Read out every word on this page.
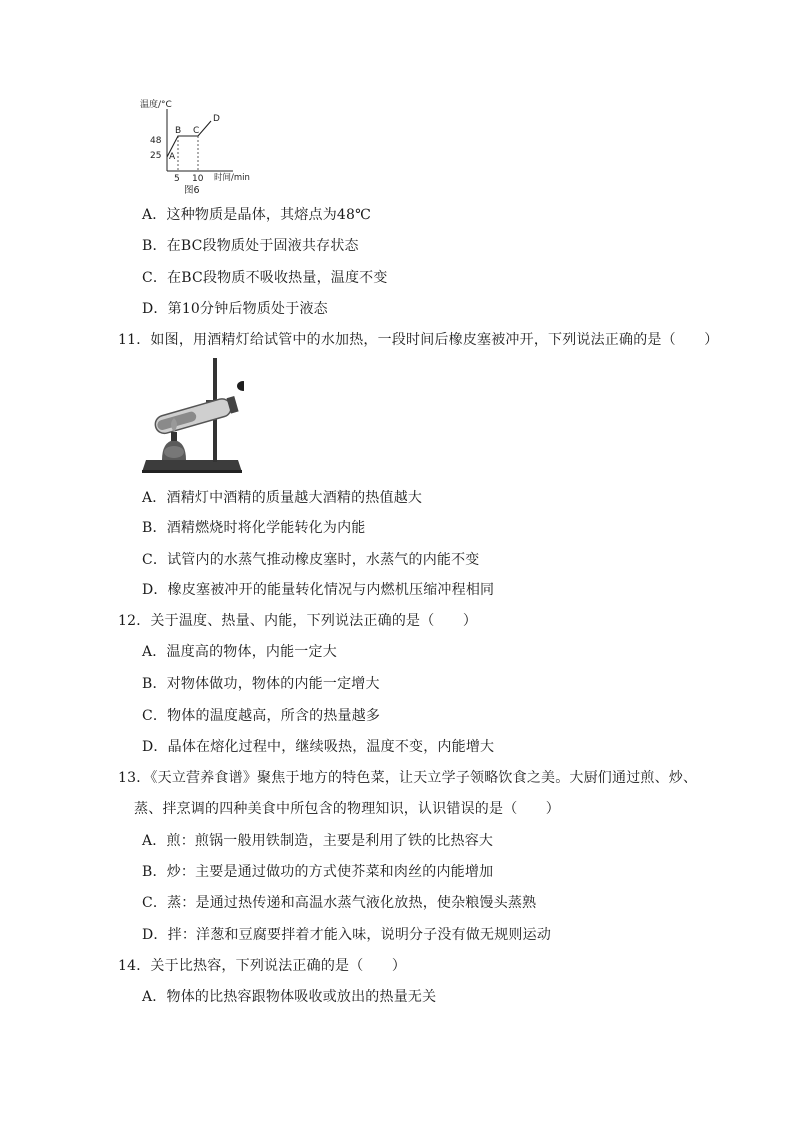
温度/°C
时间/min
48
25
5 10
A
B C
D
图6
A．这种物质是晶体，其熔点为48℃
B．在BC段物质处于固液共存状态
C．在BC段物质不吸收热量，温度不变
D．第10分钟后物质处于液态
11．如图，用酒精灯给试管中的水加热，一段时间后橡皮塞被冲开，下列说法正确的是（　　）
A．酒精灯中酒精的质量越大酒精的热值越大
B．酒精燃烧时将化学能转化为内能
C．试管内的水蒸气推动橡皮塞时，水蒸气的内能不变
D．橡皮塞被冲开的能量转化情况与内燃机压缩冲程相同
12．关于温度、热量、内能，下列说法正确的是（　　）
A．温度高的物体，内能一定大
B．对物体做功，物体的内能一定增大
C．物体的温度越高，所含的热量越多
D．晶体在熔化过程中，继续吸热，温度不变，内能增大
13．《天立营养食谱》聚焦于地方的特色菜，让天立学子领略饮食之美。大厨们通过煎、炒、
蒸、拌烹调的四种美食中所包含的物理知识，认识错误的是（　　）
A．煎：煎锅一般用铁制造，主要是利用了铁的比热容大
B．炒：主要是通过做功的方式使芥菜和肉丝的内能增加
C．蒸：是通过热传递和高温水蒸气液化放热，使杂粮馒头蒸熟
D．拌：洋葱和豆腐要拌着才能入味，说明分子没有做无规则运动
14．关于比热容，下列说法正确的是（　　）
A．物体的比热容跟物体吸收或放出的热量无关
